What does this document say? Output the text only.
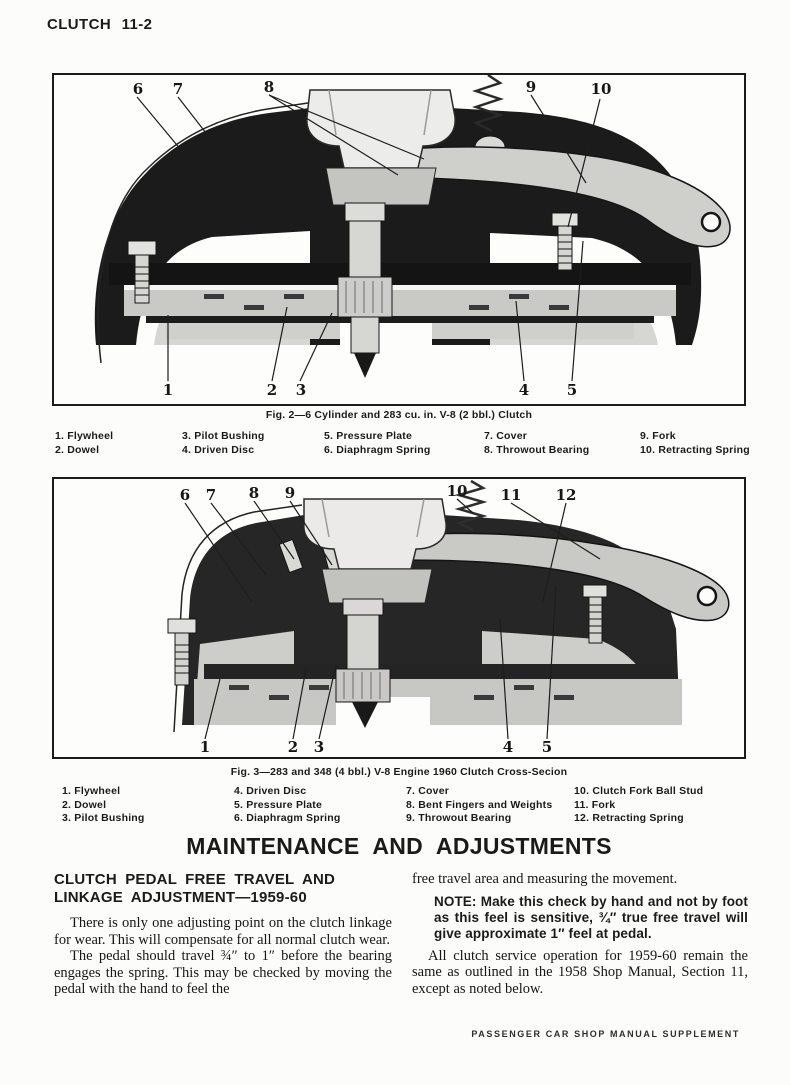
CLUTCH 11-2
6 7	8	9	10
1	2 3	4	5
Fig. 2—6 Cylinder and 283 cu. in. V-8 (2 bbl.) Clutch
1. Flywheel
2. Dowel
3. Pilot Bushing
4. Driven Disc
5. Pressure Plate
6. Diaphragm Spring
7. Cover
8. Throwout Bearing
9. Fork
10. Retracting Spring
6 7 8 9	10 11 12
1	2 3	4 5
Fig. 3—283 and 348 (4 bbl.) V-8 Engine 1960 Clutch Cross-Secion
1. Flywheel
2. Dowel
3. Pilot Bushing
4. Driven Disc
5. Pressure Plate
6. Diaphragm Spring
7. Cover
8. Bent Fingers and Weights
9. Throwout Bearing
10. Clutch Fork Ball Stud
11. Fork
12. Retracting Spring
MAINTENANCE AND ADJUSTMENTS
CLUTCH PEDAL FREE TRAVEL AND
LINKAGE ADJUSTMENT—1959-60

There is only one adjusting point on the clutch linkage for wear. This will compensate for all normal clutch wear.

The pedal should travel ¾″ to 1″ before the bearing engages the spring. This may be checked by moving the pedal with the hand to feel the

free travel area and measuring the movement.

NOTE: Make this check by hand and not by foot as this feel is sensitive, ¾″ true free travel will give approximate 1″ feel at pedal.

All clutch service operation for 1959-60 remain the same as outlined in the 1958 Shop Manual, Section 11, except as noted below.

PASSENGER CAR SHOP MANUAL SUPPLEMENT
